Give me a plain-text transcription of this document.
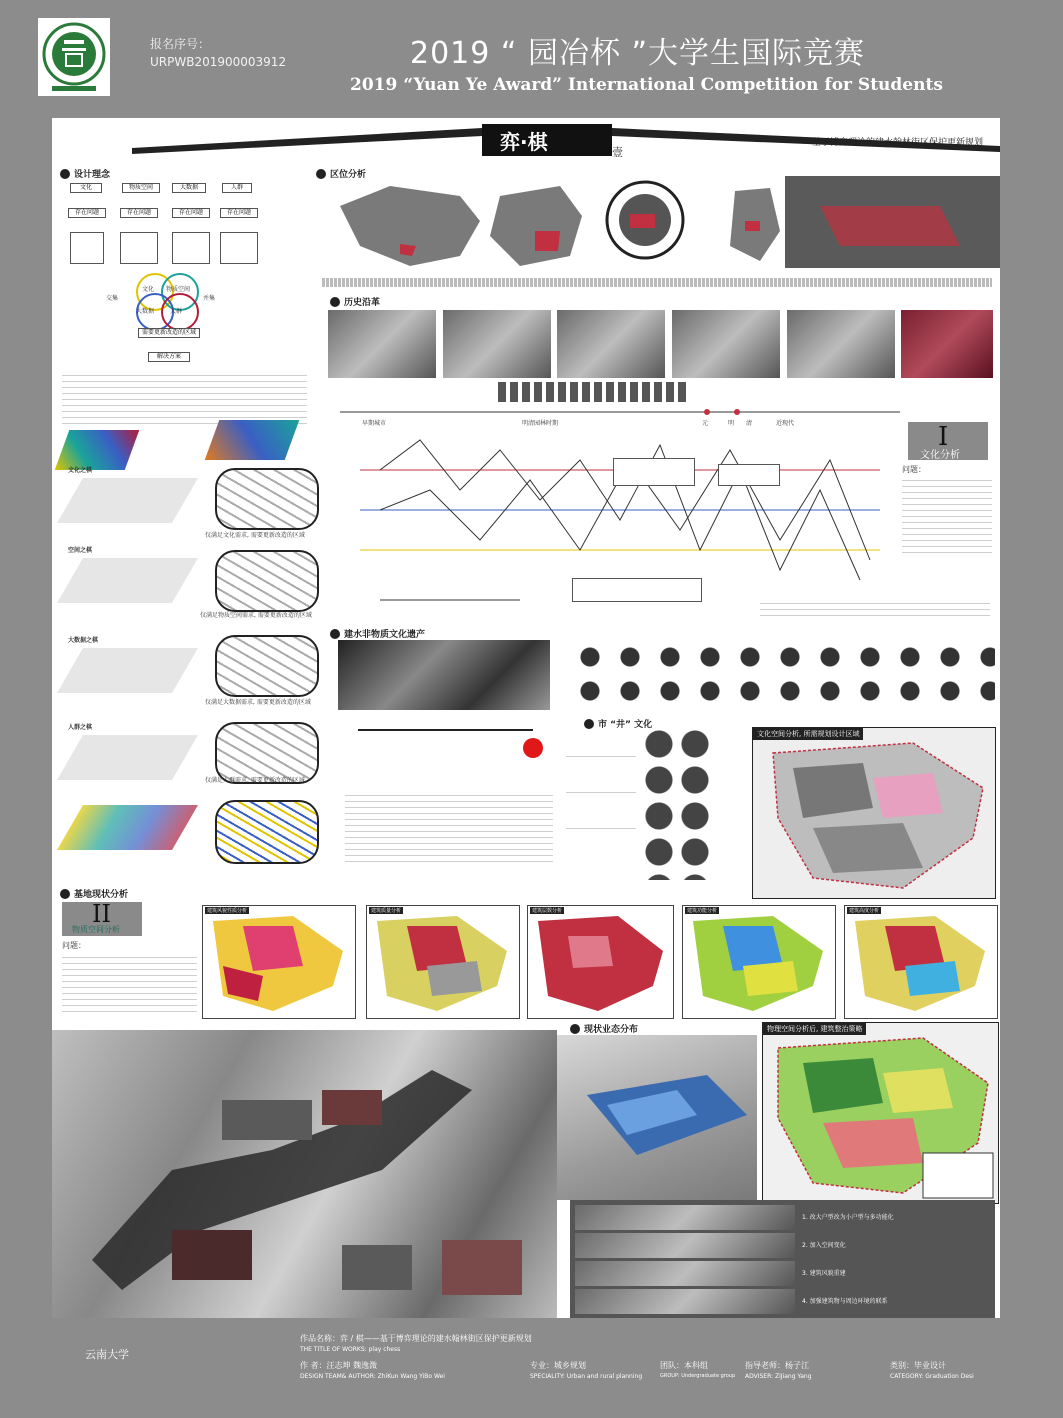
报名序号：
URPWB201900003912	2019 “ 园冶杯 ”大学生国际竞赛
2019 “Yuan Ye Award” International Competition for Students
弈·棋	壹
基于博弈理论的建水翰林街区保护更新规划
设计理念
文化	物质空间	大数据	人群
存在问题	存在问题	存在问题	存在问题
文化 物质空间
大数据	人群
交集	并集
需要更新改造的区域
解决方案
文化之棋
仅满足文化需求, 需要更新改造的区域
空间之棋
仅满足物质空间需求, 需要更新改造的区域
大数据之棋
仅满足大数据需求, 需要更新改造的区域
人群之棋
仅满足人群需求, 需要更新改造的区域
区位分析
历史沿革
早期城市	明清园林时期	元	明 清	近现代	I
文化分析
问题：
建水非物质文化遗产
市 “井” 文化
文化空间分析, 所需规划设计区域
基地现状分析
II
物质空间分析
问题：
建筑风貌性质分析	建筑质量分析	建筑层数分析	建筑功能分析	建筑高度分析
现状业态分布	物理空间分析后, 建筑整治策略
1. 改大户型改为小户型与多功能化
2. 加入空间变化
3. 建筑风貌重建
4. 加强建筑物与周边环境的联系
云南大学
作品名称：弈 / 棋——基于博弈理论的建水翰林街区保护更新规划
THE TITLE OF WORKS: play chess
作 者：汪志坤 魏逸溦
DESIGN TEAM& AUTHOR: ZhiKun Wang YiBo Wei
专业：城乡规划
SPECIALITY: Urban and rural planning
团队：本科组
GROUP: Undergraduate group
指导老师：杨子江
ADVISER: ZiJiang Yang
类别：毕业设计
CATEGORY: Graduation Desi
